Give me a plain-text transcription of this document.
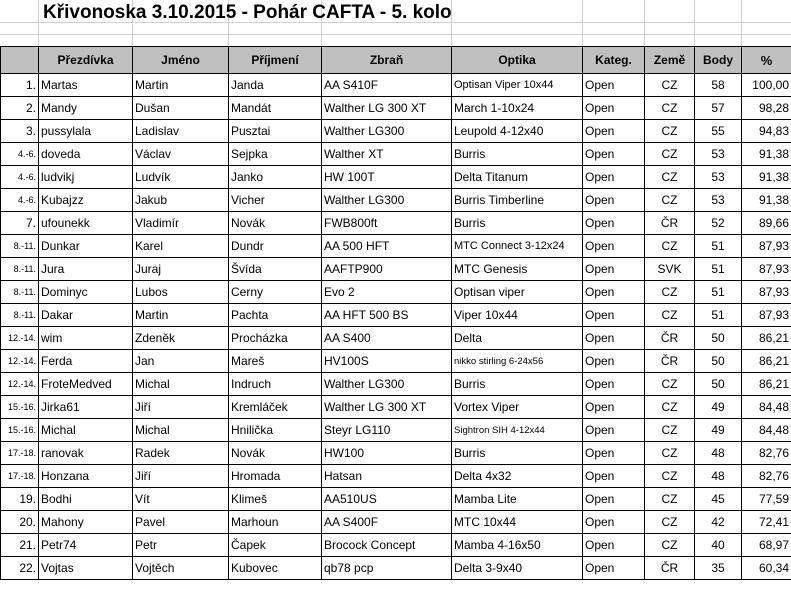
Křivonoska 3.10.2015 - Pohár CAFTA - 5. kolo
	Přezdívka	Jméno	Příjmení	Zbraň	Optika	Kateg.	Země	Body	%
1.	Martas	Martin	Janda	AA S410F	Optisan Viper 10x44	Open	CZ	58	100,00
2.	Mandy	Dušan	Mandát	Walther LG 300 XT	March 1-10x24	Open	CZ	57	98,28
3.	pussylala	Ladislav	Pusztai	Walther LG300	Leupold 4-12x40	Open	CZ	55	94,83
4.-6.	doveda	Václav	Sejpka	Walther XT	Burris	Open	CZ	53	91,38
4.-6.	ludvikj	Ludvík	Janko	HW 100T	Delta Titanum	Open	CZ	53	91,38
4.-6.	Kubajzz	Jakub	Vicher	Walther LG300	Burris Timberline	Open	CZ	53	91,38
7.	ufounekk	Vladimír	Novák	FWB800ft	Burris	Open	ČR	52	89,66
8.-11.	Dunkar	Karel	Dundr	AA 500 HFT	MTC Connect 3-12x24	Open	CZ	51	87,93
8.-11.	Jura	Juraj	Švída	AAFTP900	MTC Genesis	Open	SVK	51	87,93
8.-11.	Dominyc	Lubos	Cerny	Evo 2	Optisan viper	Open	CZ	51	87,93
8.-11.	Dakar	Martin	Pachta	AA HFT 500 BS	Viper 10x44	Open	CZ	51	87,93
12.-14.	wim	Zdeněk	Procházka	AA S400	Delta	Open	ČR	50	86,21
12.-14.	Ferda	Jan	Mareš	HV100S	nikko stirling 6-24x56	Open	ČR	50	86,21
12.-14.	FroteMedved	Michal	Indruch	Walther LG300	Burris	Open	CZ	50	86,21
15.-16.	Jirka61	Jiří	Kremláček	Walther LG 300 XT	Vortex Viper	Open	CZ	49	84,48
15.-16.	Michal	Michal	Hnilička	Steyr LG110	Sightron SIH 4-12x44	Open	CZ	49	84,48
17.-18.	ranovak	Radek	Novák	HW100	Burris	Open	CZ	48	82,76
17.-18.	Honzana	Jiří	Hromada	Hatsan	Delta 4x32	Open	CZ	48	82,76
19.	Bodhi	Vít	Klimeš	AA510US	Mamba Lite	Open	CZ	45	77,59
20.	Mahony	Pavel	Marhoun	AA S400F	MTC 10x44	Open	CZ	42	72,41
21.	Petr74	Petr	Čapek	Brocock Concept	Mamba 4-16x50	Open	CZ	40	68,97
22.	Vojtas	Vojtěch	Kubovec	qb78 pcp	Delta 3-9x40	Open	ČR	35	60,34
